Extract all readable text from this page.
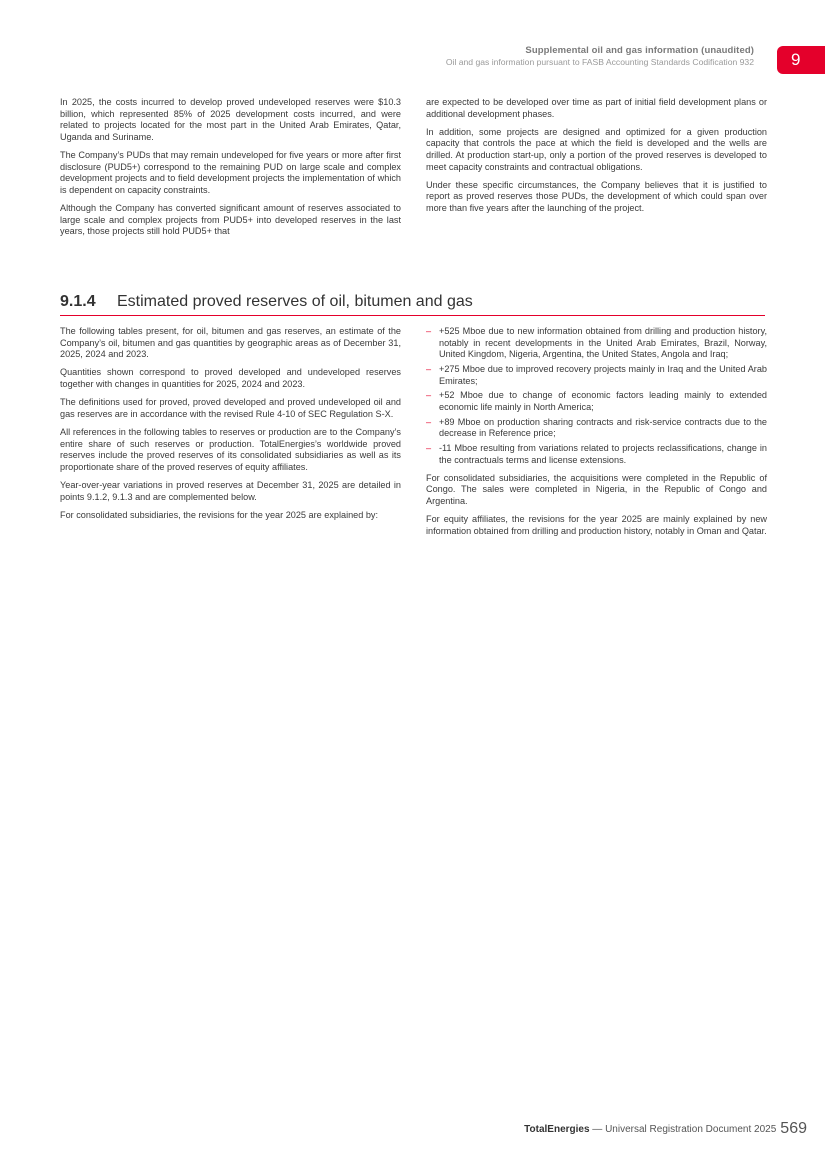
Supplemental oil and gas information (unaudited)
Oil and gas information pursuant to FASB Accounting Standards Codification 932	9

In 2025, the costs incurred to develop proved undeveloped reserves were $10.3 billion, which represented 85% of 2025 development costs incurred, and were related to projects located for the most part in the United Arab Emirates, Qatar, Uganda and Suriname.

The Company’s PUDs that may remain undeveloped for five years or more after first disclosure (PUD5+) correspond to the remaining PUD on large scale and complex development projects and to field development projects the implementation of which is dependent on capacity constraints.

Although the Company has converted significant amount of reserves associated to large scale and complex projects from PUD5+ into developed reserves in the last years, those projects still hold PUD5+ that

are expected to be developed over time as part of initial field development plans or additional development phases.

In addition, some projects are designed and optimized for a given production capacity that controls the pace at which the field is developed and the wells are drilled. At production start-up, only a portion of the proved reserves is developed to meet capacity constraints and contractual obligations.

Under these specific circumstances, the Company believes that it is justified to report as proved reserves those PUDs, the development of which could span over more than five years after the launching of the project.

9.1.4 Estimated proved reserves of oil, bitumen and gas

The following tables present, for oil, bitumen and gas reserves, an estimate of the Company’s oil, bitumen and gas quantities by geographic areas as of December 31, 2025, 2024 and 2023.

Quantities shown correspond to proved developed and undeveloped reserves together with changes in quantities for 2025, 2024 and 2023.

The definitions used for proved, proved developed and proved undeveloped oil and gas reserves are in accordance with the revised Rule 4-10 of SEC Regulation S-X.

All references in the following tables to reserves or production are to the Company’s entire share of such reserves or production. TotalEnergies’s worldwide proved reserves include the proved reserves of its consolidated subsidiaries as well as its proportionate share of the proved reserves of equity affiliates.

Year-over-year variations in proved reserves at December 31, 2025 are detailed in points 9.1.2, 9.1.3 and are complemented below.

For consolidated subsidiaries, the revisions for the year 2025 are explained by:

– +525 Mboe due to new information obtained from drilling and production history, notably in recent developments in the United Arab Emirates, Brazil, Norway, United Kingdom, Nigeria, Argentina, the United States, Angola and Iraq;
– +275 Mboe due to improved recovery projects mainly in Iraq and the United Arab Emirates;
– +52 Mboe due to change of economic factors leading mainly to extended economic life mainly in North America;
– +89 Mboe on production sharing contracts and risk-service contracts due to the decrease in Reference price;
– -11 Mboe resulting from variations related to projects reclassifications, change in the contractuals terms and license extensions.

For consolidated subsidiaries, the acquisitions were completed in the Republic of Congo. The sales were completed in Nigeria, in the Republic of Congo and Argentina.

For equity affiliates, the revisions for the year 2025 are mainly explained by new information obtained from drilling and production history, notably in Oman and Qatar.

TotalEnergies — Universal Registration Document 2025 569
